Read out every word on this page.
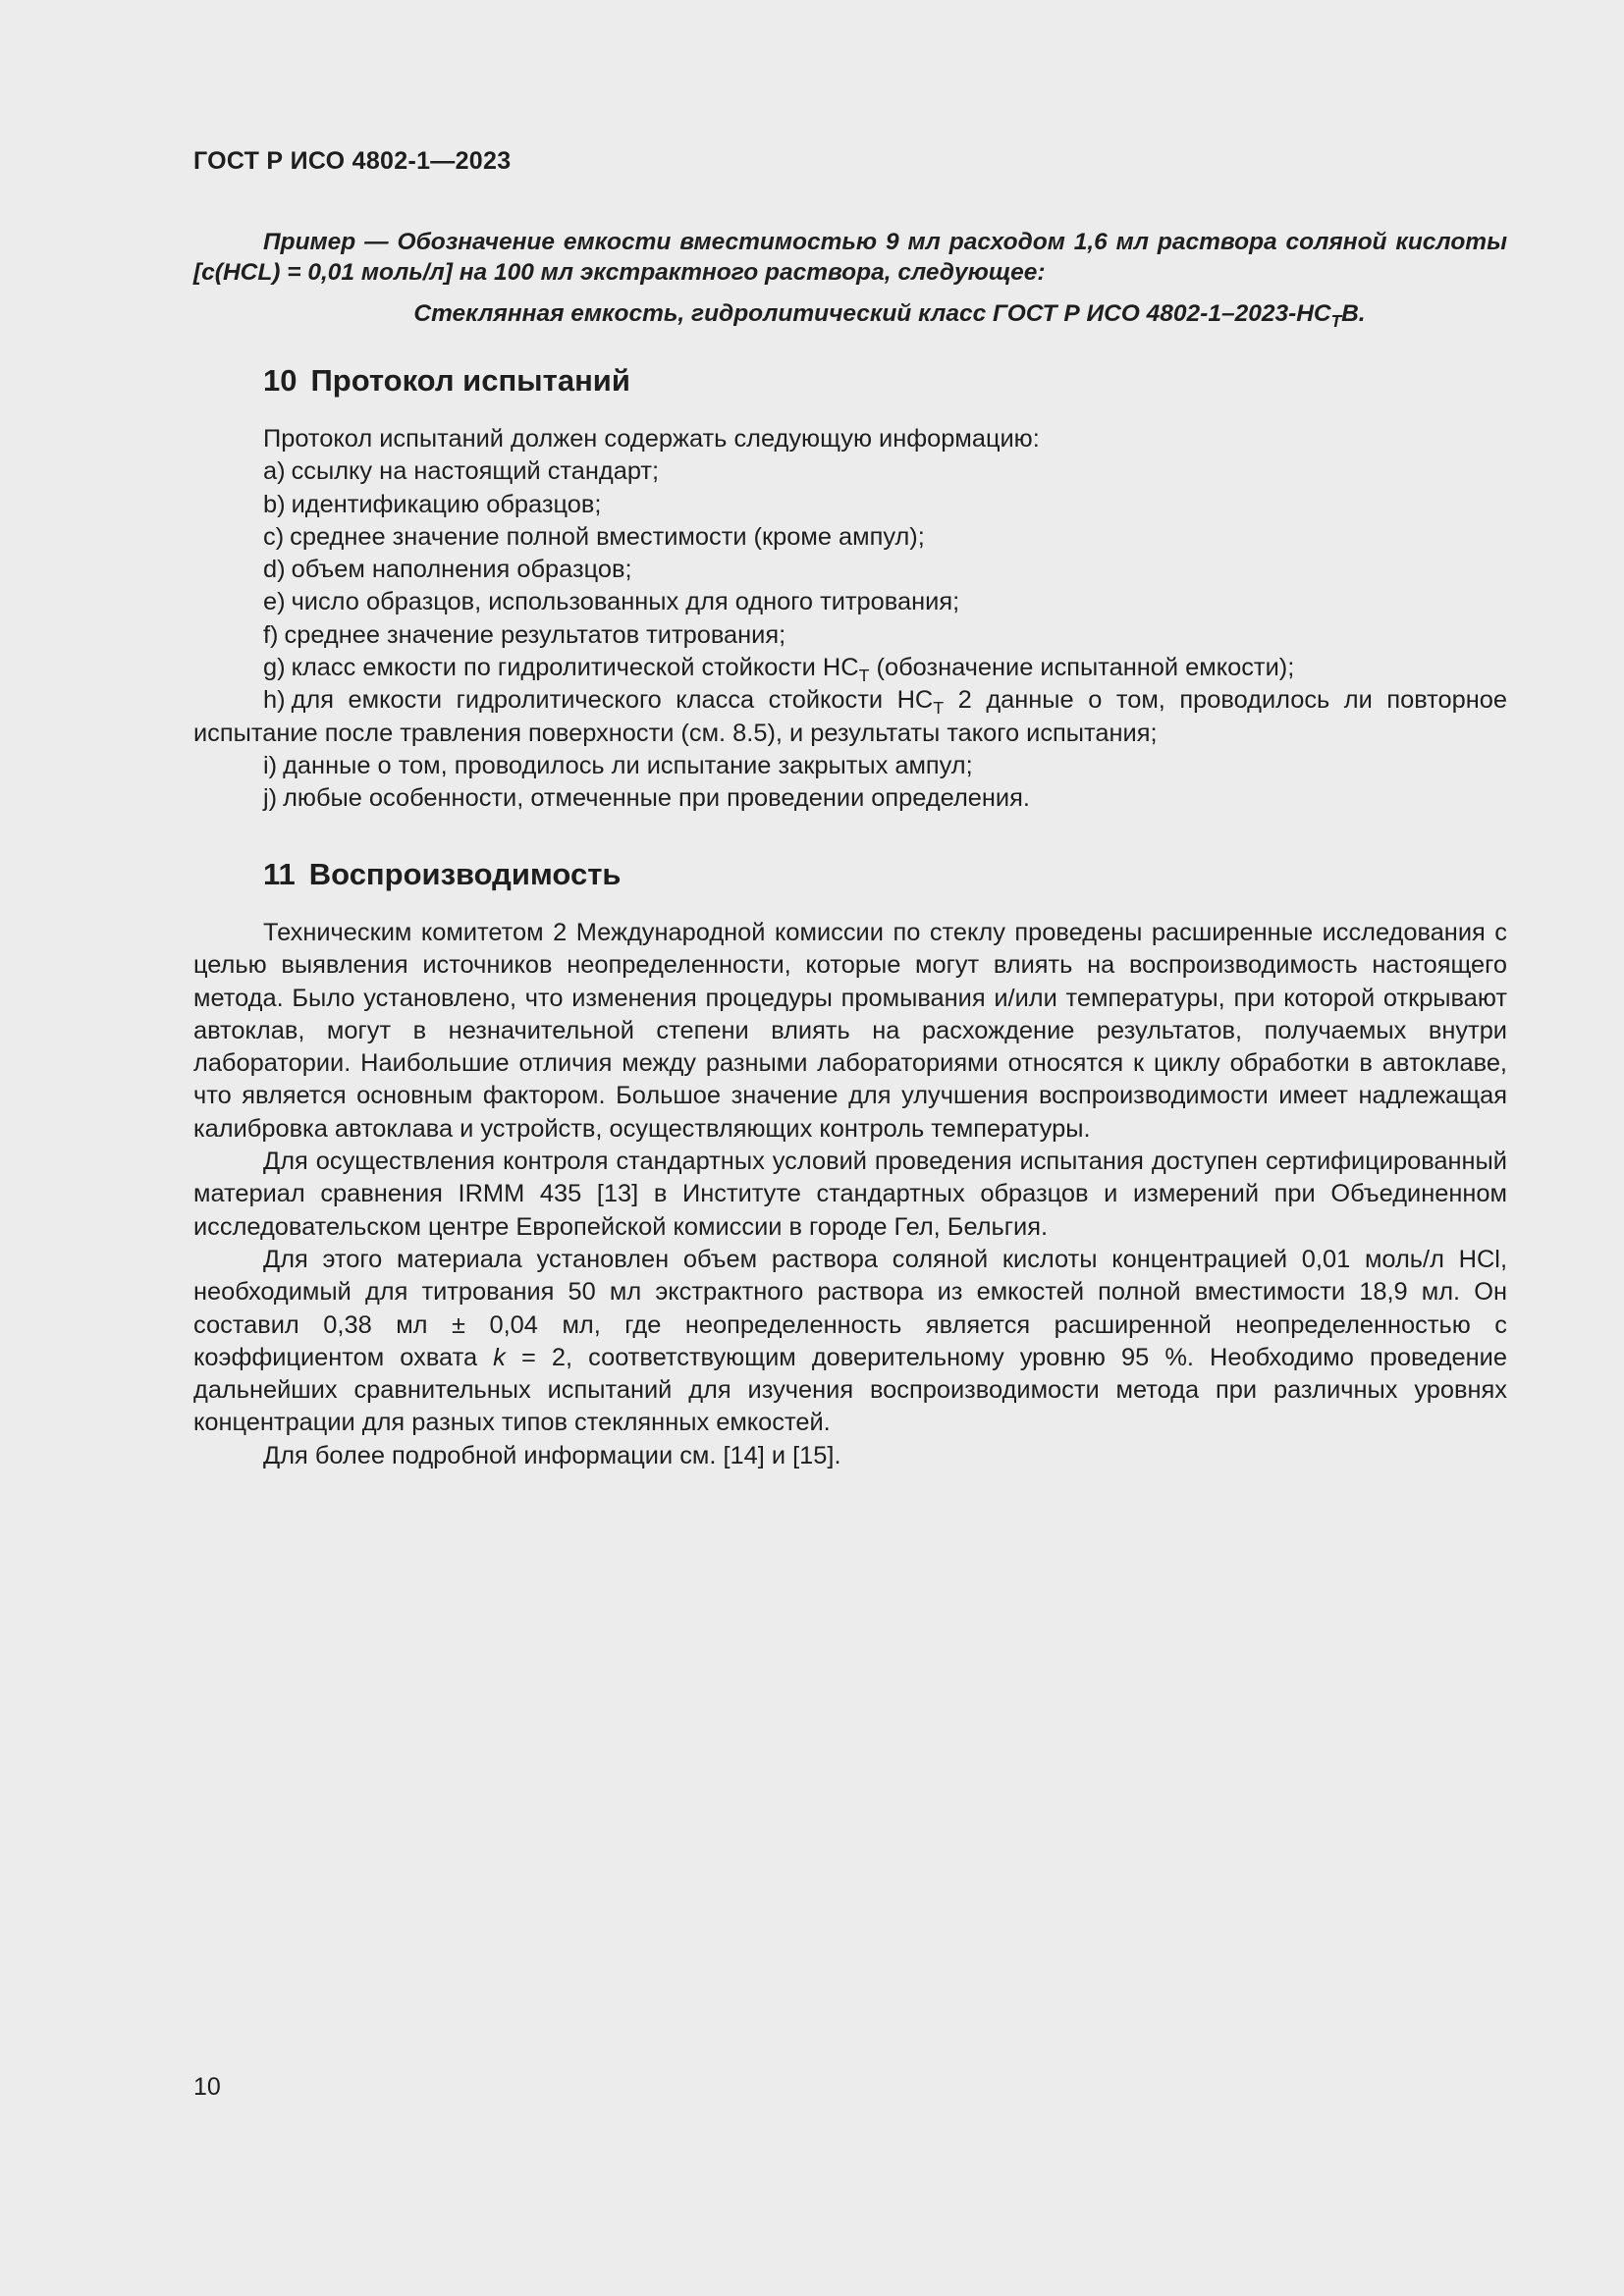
ГОСТ Р ИСО 4802-1—2023
Пример — Обозначение емкости вместимостью 9 мл расходом 1,6 мл раствора соляной кислоты [c(HCL) = 0,01 моль/л] на 100 мл экстрактного раствора, следующее:
Стеклянная емкость, гидролитический класс ГОСТ Р ИСО $4802-1-2023-НС_TВ$.
10 Протокол испытаний
Протокол испытаний должен содержать следующую информацию:
a) ссылку на настоящий стандарт;
b) идентификацию образцов;
c) среднее значение полной вместимости (кроме ампул);
d) объем наполнения образцов;
e) число образцов, использованных для одного титрования;
f) среднее значение результатов титрования;
g) класс емкости по гидролитической стойкости $НС_T$ (обозначение испытанной емкости);
h) для емкости гидролитического класса стойкости $НС_T$ 2 данные о том, проводилось ли повторное испытание после травления поверхности (см. 8.5), и результаты такого испытания;
i) данные о том, проводилось ли испытание закрытых ампул;
j) любые особенности, отмеченные при проведении определения.
11 Воспроизводимость

Техническим комитетом 2 Международной комиссии по стеклу проведены расширенные исследования с целью выявления источников неопределенности, которые могут влиять на воспроизводимость настоящего метода. Было установлено, что изменения процедуры промывания и/или температуры, при которой открывают автоклав, могут в незначительной степени влиять на расхождение результатов, получаемых внутри лаборатории. Наибольшие отличия между разными лабораториями относятся к циклу обработки в автоклаве, что является основным фактором. Большое значение для улучшения воспроизводимости имеет надлежащая калибровка автоклава и устройств, осуществляющих контроль температуры.

Для осуществления контроля стандартных условий проведения испытания доступен сертифицированный материал сравнения IRMM 435 [13] в Институте стандартных образцов и измерений при Объединенном исследовательском центре Европейской комиссии в городе Гел, Бельгия.

Для этого материала установлен объем раствора соляной кислоты концентрацией 0,01 моль/л HCl, необходимый для титрования 50 мл экстрактного раствора из емкостей полной вместимости 18,9 мл. Он составил 0,38 мл ± 0,04 мл, где неопределенность является расширенной неопределенностью с коэффициентом охвата k = 2, соответствующим доверительному уровню 95 %. Необходимо проведение дальнейших сравнительных испытаний для изучения воспроизводимости метода при различных уровнях концентрации для разных типов стеклянных емкостей.

Для более подробной информации см. [14] и [15].

10
